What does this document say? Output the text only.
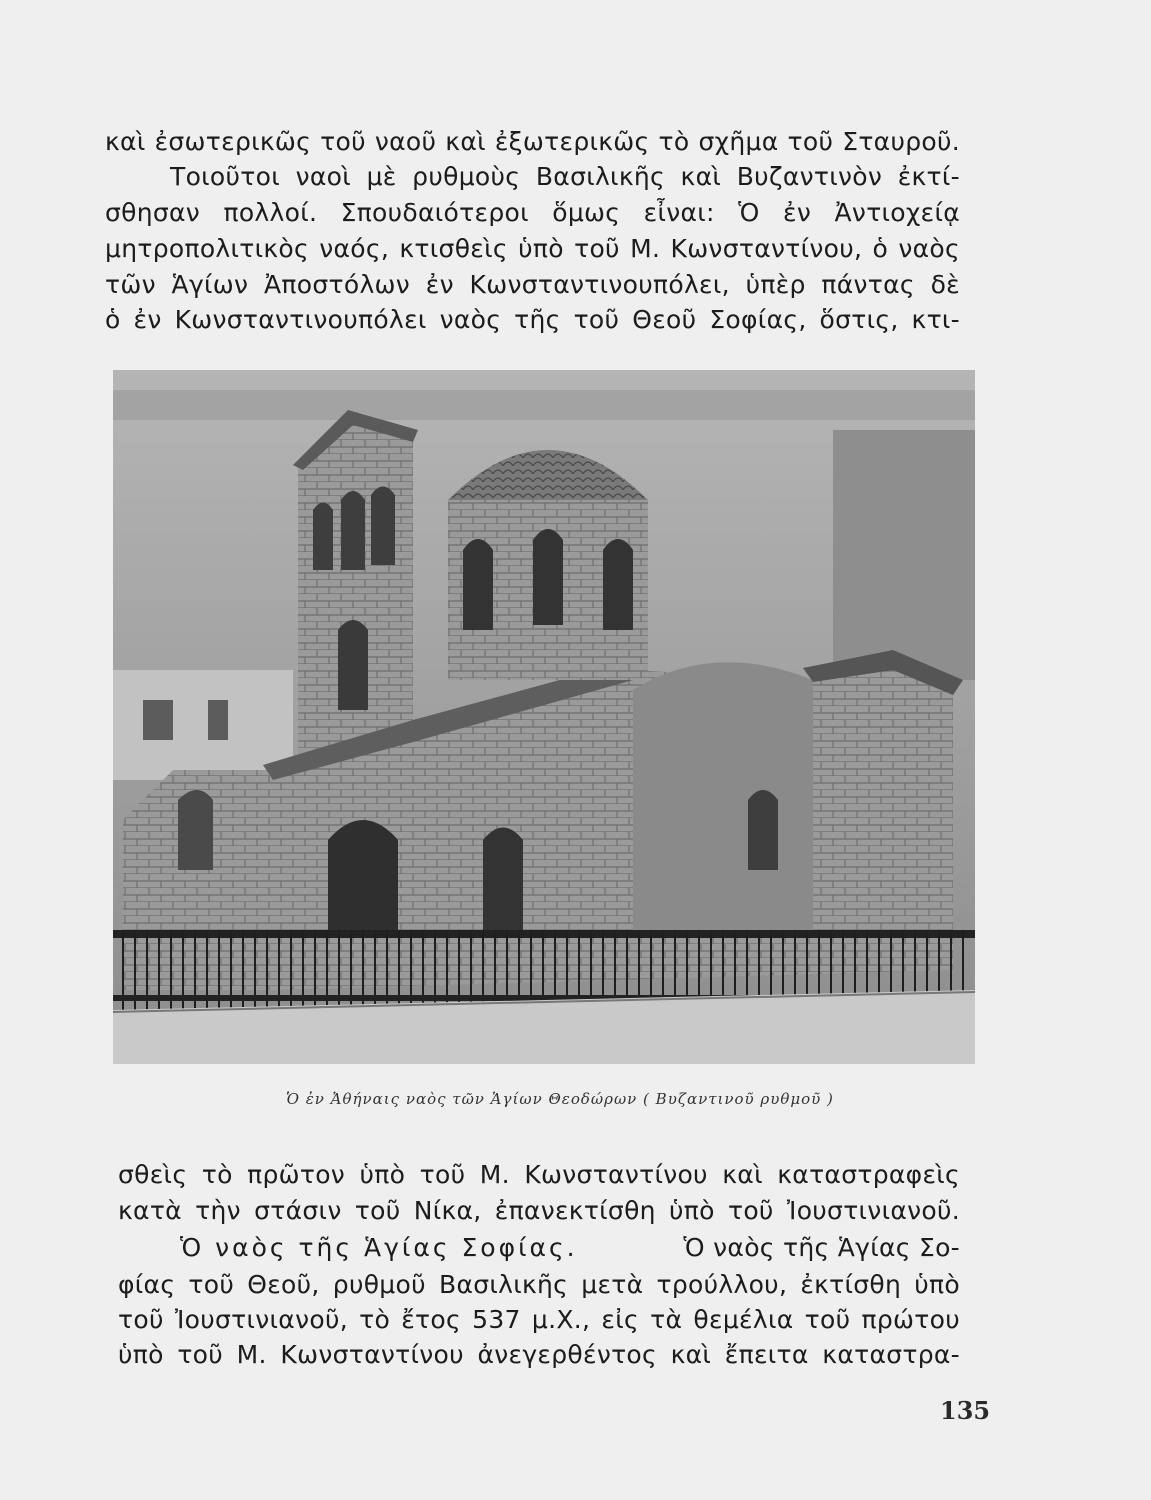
καὶ ἐσωτερικῶς τοῦ ναοῦ καὶ ἐξωτερικῶς τὸ σχῆμα τοῦ Σταυροῦ.
Τοιοῦτοι ναοὶ μὲ ρυθμοὺς Βασιλικῆς καὶ Βυζαντινὸν ἐκτί-
σθησαν πολλοί. Σπουδαιότεροι ὅμως εἶναι: Ὁ ἐν Ἀντιοχείᾳ
μητροπολιτικὸς ναός, κτισθεὶς ὑπὸ τοῦ Μ. Κωνσταντίνου, ὁ ναὸς
τῶν Ἁγίων Ἀποστόλων ἐν Κωνσταντινουπόλει, ὑπὲρ πάντας δὲ
ὁ ἐν Κωνσταντινουπόλει ναὸς τῆς τοῦ Θεοῦ Σοφίας, ὅστις, κτι-
Ὁ ἐν Ἀθήναις ναὸς τῶν Ἁγίων Θεοδώρων ( Βυζαντινοῦ ρυθμοῦ )
σθεὶς τὸ πρῶτον ὑπὸ τοῦ Μ. Κωνσταντίνου καὶ καταστραφεὶς
κατὰ τὴν στάσιν τοῦ Νίκα, ἐπανεκτίσθη ὑπὸ τοῦ Ἰουστινιανοῦ.
Ὁ ναὸς τῆς Ἁγίας Σοφίας.	Ὁ ναὸς τῆς Ἁγίας Σο-
φίας τοῦ Θεοῦ, ρυθμοῦ Βασιλικῆς μετὰ τρούλλου, ἐκτίσθη ὑπὸ
τοῦ Ἰουστινιανοῦ, τὸ ἔτος 537 μ.Χ., εἰς τὰ θεμέλια τοῦ πρώτου
ὑπὸ τοῦ Μ. Κωνσταντίνου ἀνεγερθέντος καὶ ἔπειτα καταστρα-
135
